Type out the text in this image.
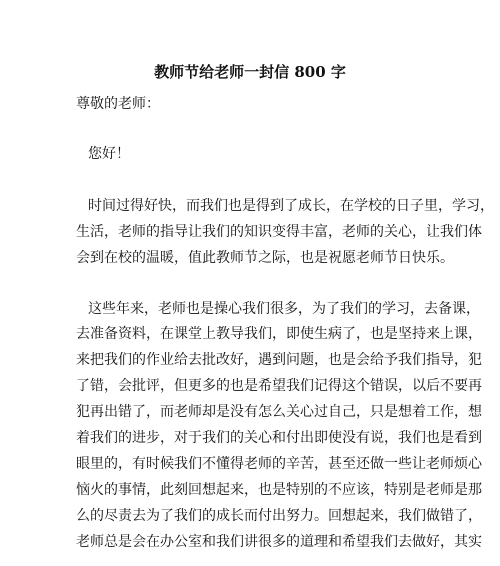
教师节给老师一封信 800 字
尊敬的老师：
您好！
时间过得好快，而我们也是得到了成长，在学校的日子里，学习，
生活，老师的指导让我们的知识变得丰富，老师的关心，让我们体
会到在校的温暖，值此教师节之际，也是祝愿老师节日快乐。
这些年来，老师也是操心我们很多，为了我们的学习，去备课，
去准备资料，在课堂上教导我们，即使生病了，也是坚持来上课，
来把我们的作业给去批改好，遇到问题，也是会给予我们指导，犯
了错，会批评，但更多的也是希望我们记得这个错误，以后不要再
犯再出错了，而老师却是没有怎么关心过自己，只是想着工作，想
着我们的进步，对于我们的关心和付出即使没有说，我们也是看到
眼里的，有时候我们不懂得老师的辛苦，甚至还做一些让老师烦心
恼火的事情，此刻回想起来，也是特别的不应该，特别是老师是那
么的尽责去为了我们的成长而付出努力。回想起来，我们做错了，
老师总是会在办公室和我们讲很多的道理和希望我们去做好，其实
